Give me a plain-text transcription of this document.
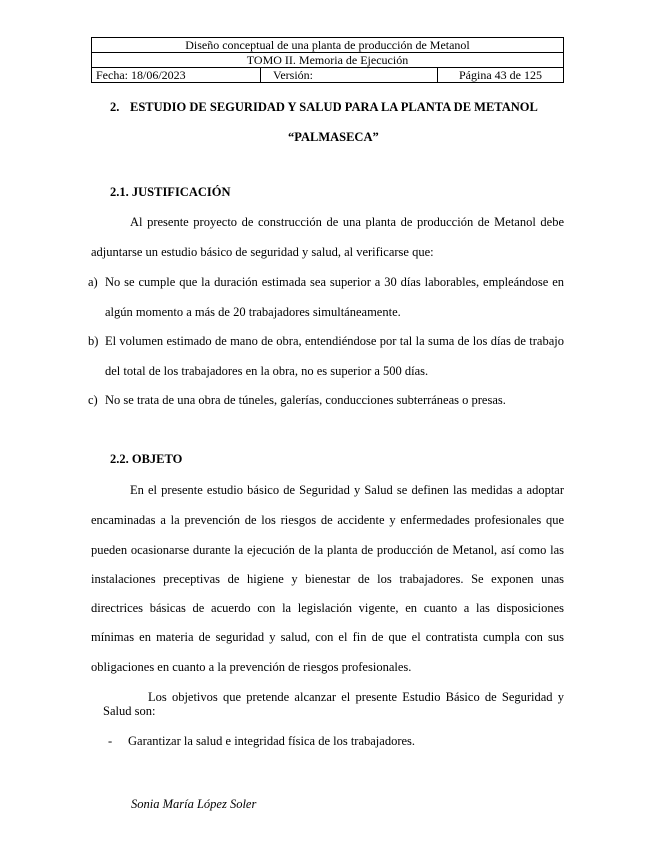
Diseño conceptual de una planta de producción de Metanol
TOMO II. Memoria de Ejecución
Fecha: 18/06/2023	Versión:	Página 43 de 125
2. ESTUDIO DE SEGURIDAD Y SALUD PARA LA PLANTA DE METANOL
“PALMASECA”
2.1. JUSTIFICACIÓN
Al presente proyecto de construcción de una planta de producción de Metanol debe
adjuntarse un estudio básico de seguridad y salud, al verificarse que:
a) No se cumple que la duración estimada sea superior a 30 días laborables, empleándose en
algún momento a más de 20 trabajadores simultáneamente.
b) El volumen estimado de mano de obra, entendiéndose por tal la suma de los días de trabajo
del total de los trabajadores en la obra, no es superior a 500 días.
c) No se trata de una obra de túneles, galerías, conducciones subterráneas o presas.
2.2. OBJETO
En el presente estudio básico de Seguridad y Salud se definen las medidas a adoptar
encaminadas a la prevención de los riesgos de accidente y enfermedades profesionales que
pueden ocasionarse durante la ejecución de la planta de producción de Metanol, así como las
instalaciones preceptivas de higiene y bienestar de los trabajadores. Se exponen unas
directrices básicas de acuerdo con la legislación vigente, en cuanto a las disposiciones
mínimas en materia de seguridad y salud, con el fin de que el contratista cumpla con sus
obligaciones en cuanto a la prevención de riesgos profesionales.
Los objetivos que pretende alcanzar el presente Estudio Básico de Seguridad y
Salud son:
- Garantizar la salud e integridad física de los trabajadores.
Sonia María López Soler
